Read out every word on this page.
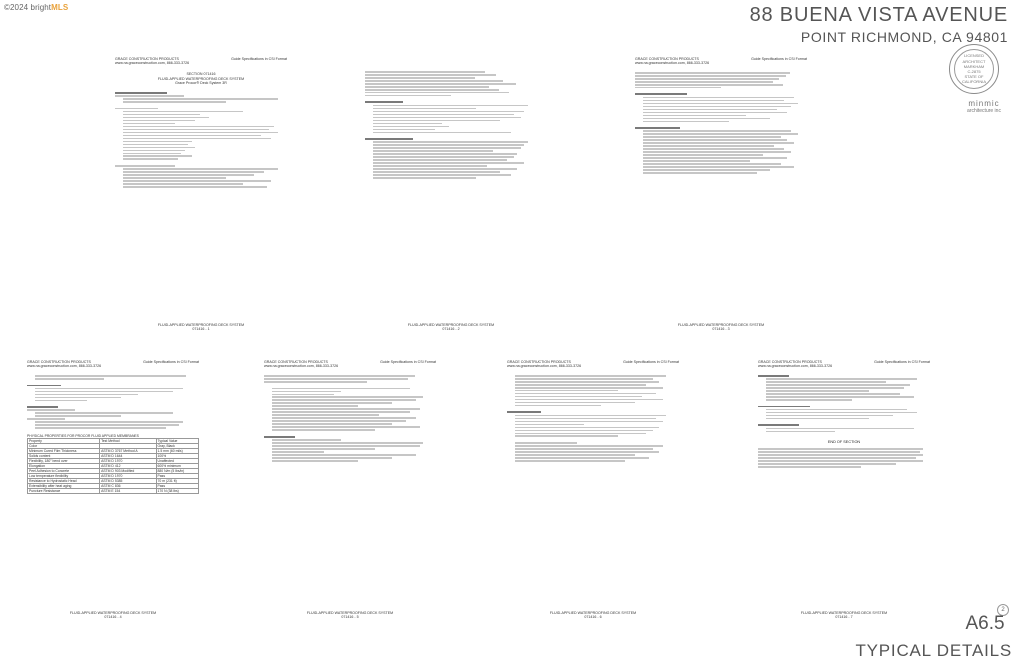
©2024 brightMLS	88 BUENA VISTA AVENUE
POINT RICHMOND, CA 94801
LICENSED
ARCHITECT
MARKHAM
C-2875
STATE OF
CALIFORNIA
minmic
architecture inc
GRACE CONSTRUCTION PRODUCTS
www.na.graceconstruction.com, 866-333-3726
Guide Specifications in CSI Format
SECTION 071416
FLUID-APPLIED WATERPROOFING DECK SYSTEM
Grace Procor® Deck System 3R
FLUID-APPLIED WATERPROOFING DECK SYSTEM
071416 - 1
FLUID-APPLIED WATERPROOFING DECK SYSTEM
071416 - 2
GRACE CONSTRUCTION PRODUCTS
www.na.graceconstruction.com, 866-333-3726
Guide Specifications in CSI Format
FLUID-APPLIED WATERPROOFING DECK SYSTEM
071416 - 3
GRACE CONSTRUCTION PRODUCTS
www.na.graceconstruction.com, 866-333-3726
Guide Specifications in CSI Format
PHYSICAL PROPERTIES FOR PROCOR FLUID APPLIED MEMBRANES
Property	Test Method	Typical Value
Color		Gray, Black
Minimum Cured Film Thickness	ASTM D 3767 Method A	1.5 mm (60 mils)
Solids content	ASTM D 1644	100%
Flexibility, 180° bend over	ASTM D 1970	Unaffected
Elongation	ASTM D 412	600% minimum
Peel Adhesion to Concrete	ASTM D 903 Modified	880 N/m (5 lbs/in)
Low temperature flexibility	ASTM D 1970	Pass
Resistance to Hydrostatic Head	ASTM D 5385	70 m (231 ft)
Extensibility after heat aging	ASTM C 836	Pass
Puncture Resistance	ASTM E 154	170 N (38 lbs)
FLUID-APPLIED WATERPROOFING DECK SYSTEM
071416 - 4
GRACE CONSTRUCTION PRODUCTS
www.na.graceconstruction.com, 866-333-3726
Guide Specifications in CSI Format
FLUID-APPLIED WATERPROOFING DECK SYSTEM
071416 - 5
GRACE CONSTRUCTION PRODUCTS
www.na.graceconstruction.com, 866-333-3726
Guide Specifications in CSI Format
FLUID-APPLIED WATERPROOFING DECK SYSTEM
071416 - 6
GRACE CONSTRUCTION PRODUCTS
www.na.graceconstruction.com, 866-333-3726
Guide Specifications in CSI Format
END OF SECTION
FLUID-APPLIED WATERPROOFING DECK SYSTEM
071416 - 7
2
A6.5
TYPICAL DETAILS
